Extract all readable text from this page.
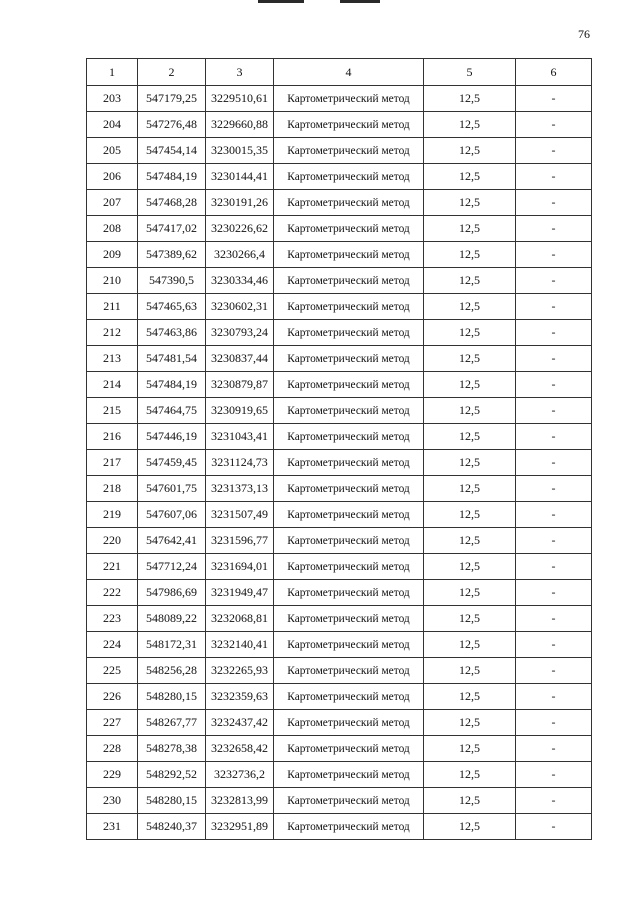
76
1	2	3	4	5	6
203	547179,25	3229510,61	Картометрический метод	12,5	-
204	547276,48	3229660,88	Картометрический метод	12,5	-
205	547454,14	3230015,35	Картометрический метод	12,5	-
206	547484,19	3230144,41	Картометрический метод	12,5	-
207	547468,28	3230191,26	Картометрический метод	12,5	-
208	547417,02	3230226,62	Картометрический метод	12,5	-
209	547389,62	3230266,4	Картометрический метод	12,5	-
210	547390,5	3230334,46	Картометрический метод	12,5	-
211	547465,63	3230602,31	Картометрический метод	12,5	-
212	547463,86	3230793,24	Картометрический метод	12,5	-
213	547481,54	3230837,44	Картометрический метод	12,5	-
214	547484,19	3230879,87	Картометрический метод	12,5	-
215	547464,75	3230919,65	Картометрический метод	12,5	-
216	547446,19	3231043,41	Картометрический метод	12,5	-
217	547459,45	3231124,73	Картометрический метод	12,5	-
218	547601,75	3231373,13	Картометрический метод	12,5	-
219	547607,06	3231507,49	Картометрический метод	12,5	-
220	547642,41	3231596,77	Картометрический метод	12,5	-
221	547712,24	3231694,01	Картометрический метод	12,5	-
222	547986,69	3231949,47	Картометрический метод	12,5	-
223	548089,22	3232068,81	Картометрический метод	12,5	-
224	548172,31	3232140,41	Картометрический метод	12,5	-
225	548256,28	3232265,93	Картометрический метод	12,5	-
226	548280,15	3232359,63	Картометрический метод	12,5	-
227	548267,77	3232437,42	Картометрический метод	12,5	-
228	548278,38	3232658,42	Картометрический метод	12,5	-
229	548292,52	3232736,2	Картометрический метод	12,5	-
230	548280,15	3232813,99	Картометрический метод	12,5	-
231	548240,37	3232951,89	Картометрический метод	12,5	-
